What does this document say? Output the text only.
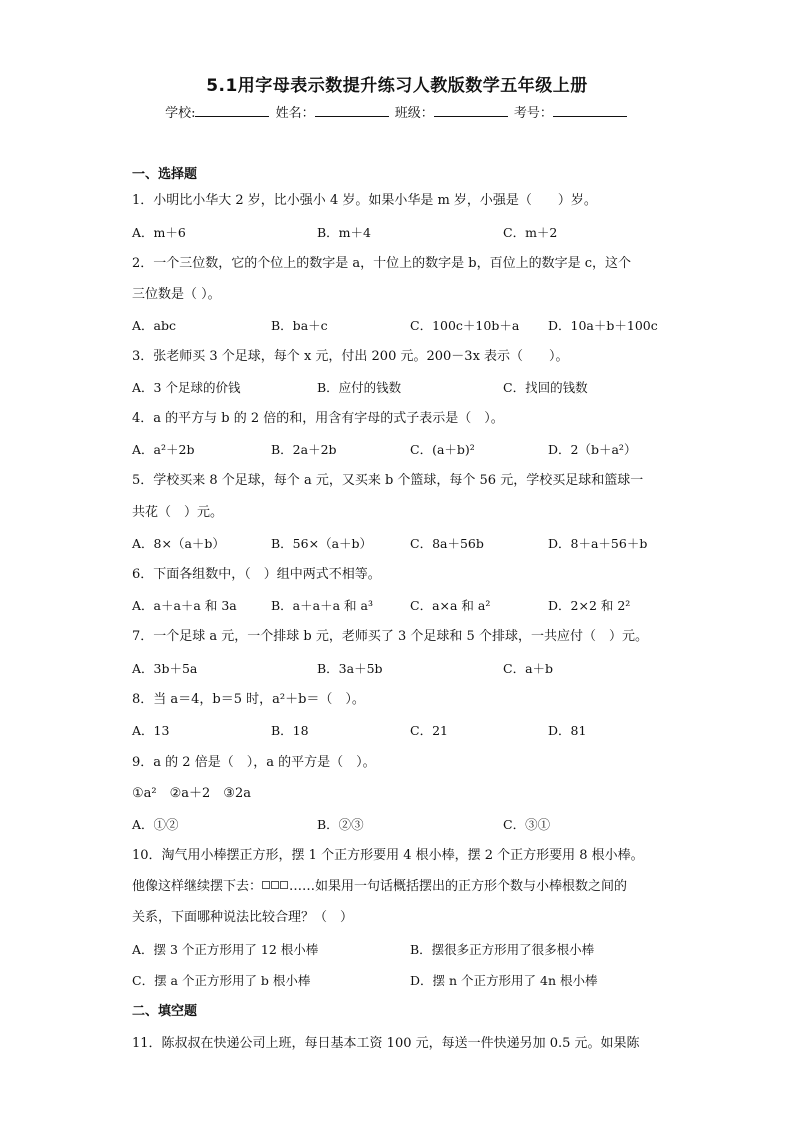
5.1用字母表示数提升练习人教版数学五年级上册
学校:	姓名：	班级：	考号：
一、选择题
1．小明比小华大 2 岁，比小强小 4 岁。如果小华是 m 岁，小强是（　　）岁。
A．m＋6	B．m＋4	C．m＋2
2．一个三位数，它的个位上的数字是 a，十位上的数字是 b，百位上的数字是 c，这个
三位数是（ ）。
A．abc	B．ba＋c	C．100c＋10b＋a D．10a＋b＋100c
3．张老师买 3 个足球，每个 x 元，付出 200 元。200－3x 表示（　　）。
A．3 个足球的价钱	B．应付的钱数	C．找回的钱数
4．a 的平方与 b 的 2 倍的和，用含有字母的式子表示是（　）。
A．a²＋2b	B．2a＋2b	C．(a＋b)²	D．2（b＋a²）
5．学校买来 8 个足球，每个 a 元，又买来 b 个篮球，每个 56 元，学校买足球和篮球一
共花（　）元。
A．8×（a＋b）	B．56×（a＋b）	C．8a＋56b	D．8＋a＋56＋b
6．下面各组数中，（　）组中两式不相等。
A．a＋a＋a 和 3a	B．a＋a＋a 和 a³	C．a×a 和 a²	D．2×2 和 2²
7．一个足球 a 元，一个排球 b 元，老师买了 3 个足球和 5 个排球，一共应付（　）元。
A．3b＋5a	B．3a＋5b	C．a＋b
8．当 a＝4，b＝5 时，a²＋b＝（　）。
A．13	B．18	C．21	D．81
9．a 的 2 倍是（　），a 的平方是（　）。
①a²　②a＋2　③2a
A．①②	B．②③	C．③①
10．淘气用小棒摆正方形，摆 1 个正方形要用 4 根小棒，摆 2 个正方形要用 8 根小棒。
他像这样继续摆下去： ……如果用一句话概括摆出的正方形个数与小棒根数之间的
关系，下面哪种说法比较合理？（　）
A．摆 3 个正方形用了 12 根小棒	B．摆很多正方形用了很多根小棒
C．摆 a 个正方形用了 b 根小棒	D．摆 n 个正方形用了 4n 根小棒
二、填空题
11．陈叔叔在快递公司上班，每日基本工资 100 元，每送一件快递另加 0.5 元。如果陈
